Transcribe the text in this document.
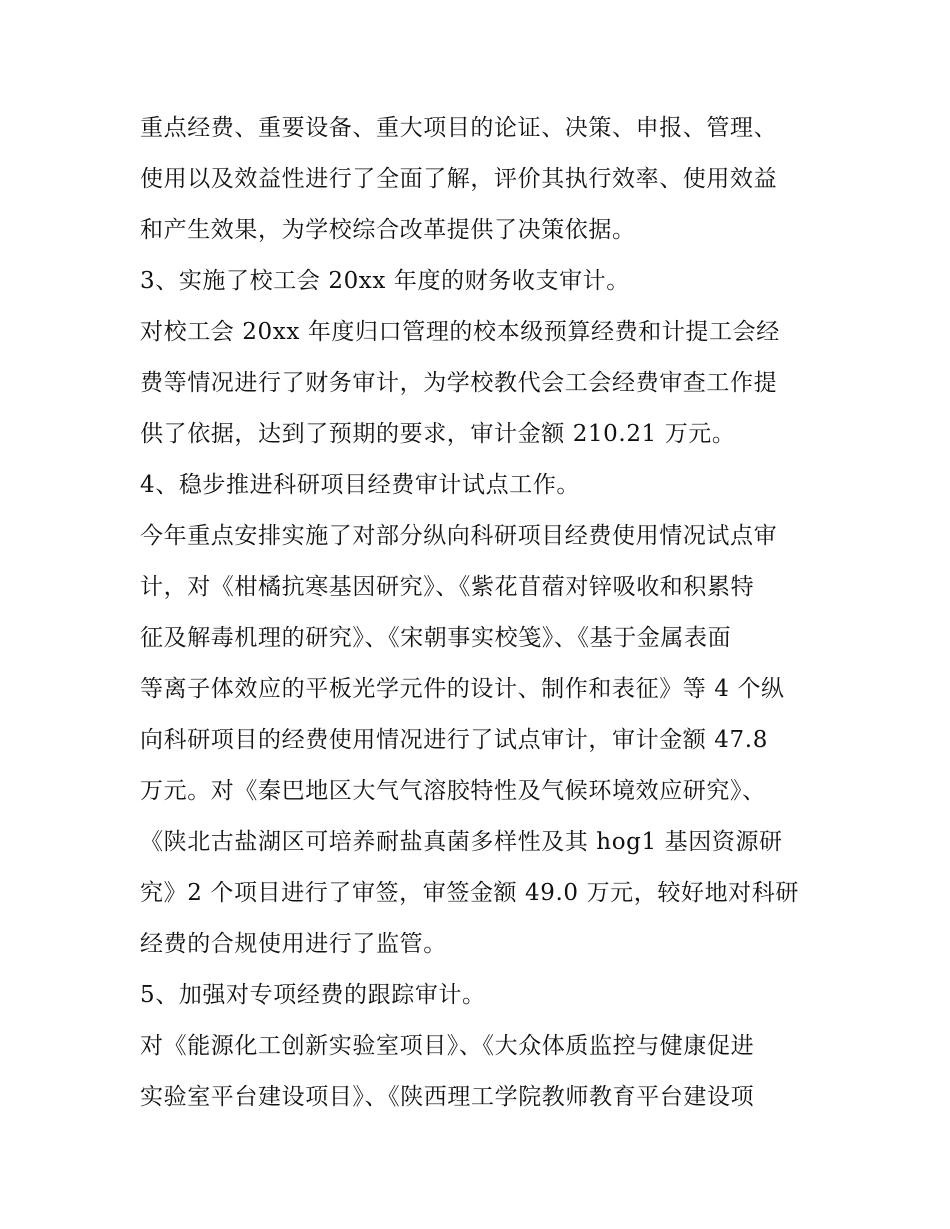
重点经费、重要设备、重大项目的论证、决策、申报、管理、
使用以及效益性进行了全面了解，评价其执行效率、使用效益
和产生效果，为学校综合改革提供了决策依据。
3、实施了校工会 20xx 年度的财务收支审计。
对校工会 20xx 年度归口管理的校本级预算经费和计提工会经
费等情况进行了财务审计，为学校教代会工会经费审查工作提
供了依据，达到了预期的要求，审计金额 210.21 万元。
4、稳步推进科研项目经费审计试点工作。
今年重点安排实施了对部分纵向科研项目经费使用情况试点审
计，对《柑橘抗寒基因研究》、《紫花苜蓿对锌吸收和积累特
征及解毒机理的研究》、《宋朝事实校笺》、《基于金属表面
等离子体效应的平板光学元件的设计、制作和表征》等 4 个纵
向科研项目的经费使用情况进行了试点审计，审计金额 47.8
万元。对《秦巴地区大气气溶胶特性及气候环境效应研究》、
《陕北古盐湖区可培养耐盐真菌多样性及其 hog1 基因资源研
究》2 个项目进行了审签，审签金额 49.0 万元，较好地对科研
经费的合规使用进行了监管。
5、加强对专项经费的跟踪审计。
对《能源化工创新实验室项目》、《大众体质监控与健康促进
实验室平台建设项目》、《陕西理工学院教师教育平台建设项
